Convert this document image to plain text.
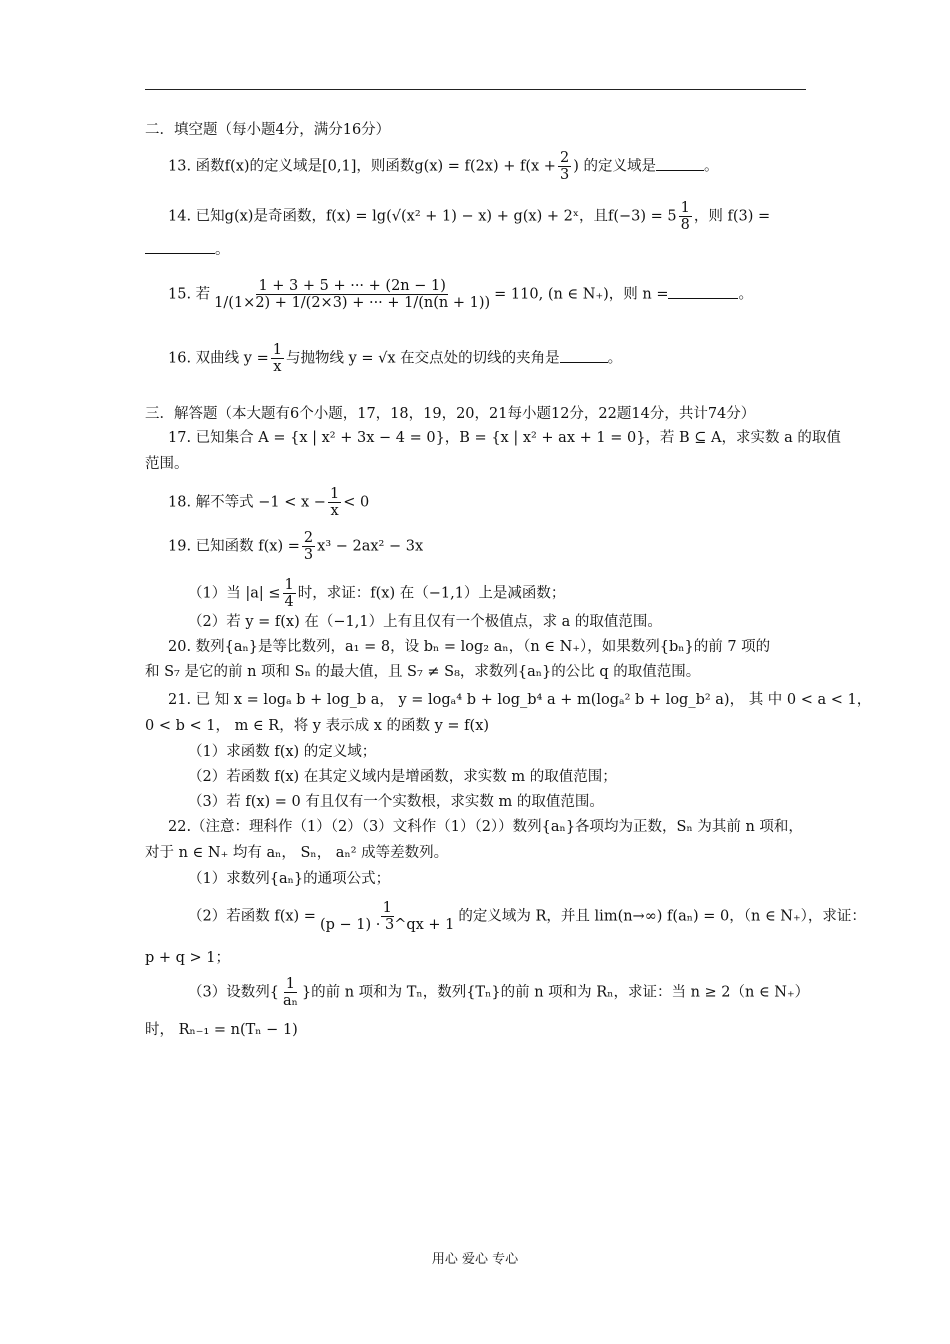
二．填空题（每小题4分，满分16分）
13. 函数f(x)的定义域是[0,1]，则函数$g(x) = f(2x) + f(x + \frac{2}{3}$ ) 的定义域是	。
14. 已知g(x)是奇函数，f(x) = lg(√(x² + 1) − x) + g(x) + 2ˣ，且$f(-3) = 5 \frac{1}{8}$ ，则 f(3) =
。
15. 若 $\frac{1 + 3 + 5 + \cdot\cdot\cdot + (2n - 1)}{1/(1\times 2) + 1/(2\times 3) + \cdot\cdot\cdot + 1/(n(n + 1))} = 110$, (n ∈ N₊)，则 n =	。
16. 双曲线 $y = \frac{1}{x}$ 与抛物线 y = √x 在交点处的切线的夹角是	。
三．解答题（本大题有6个小题，17，18，19，20，21每小题12分，22题14分，共计74分）
17. 已知集合 A = {x | x² + 3x − 4 = 0}，B = {x | x² + ax + 1 = 0}，若 B ⊆ A，求实数 a 的取值
范围。
18. 解不等式 $-1 < x - \frac{1}{x} < 0$
19. 已知函数 $f(x) = \frac{2}{3} x^3 - 2ax^2 - 3x$
（1）当 $|a| \le \frac{1}{4}$ 时，求证：f(x) 在（−1,1）上是减函数；
（2）若 y = f(x) 在（−1,1）上有且仅有一个极值点，求 a 的取值范围。
20. 数列{aₙ}是等比数列，a₁ = 8，设 bₙ = log₂ aₙ，（n ∈ N₊），如果数列{bₙ}的前 7 项的
和 S₇ 是它的前 n 项和 Sₙ 的最大值，且 S₇ ≠ S₈，求数列{aₙ}的公比 q 的取值范围。
21. 已 知 x = logₐ b + log_b a， y = logₐ⁴ b + log_b⁴ a + m(logₐ² b + log_b² a)， 其 中 0 < a < 1，
0 < b < 1， m ∈ R，将 y 表示成 x 的函数 y = f(x)
（1）求函数 f(x) 的定义域；
（2）若函数 f(x) 在其定义域内是增函数，求实数 m 的取值范围；
（3）若 f(x) = 0 有且仅有一个实数根，求实数 m 的取值范围。
22.（注意：理科作（1）（2）（3）文科作（1）（2））数列{aₙ}各项均为正数，Sₙ 为其前 n 项和，
对于 n ∈ N₊ 均有 aₙ， Sₙ， aₙ² 成等差数列。
（1）求数列{aₙ}的通项公式；
（2）若函数 $f(x) = \frac{1}{(p - 1) \cdot 3\^{}qx + 1}$ 的定义域为 R，并且 lim(n→∞) f(aₙ) = 0，（n ∈ N₊），求证：
p + q > 1；
（3）设数列{ $\frac{1}{\text{aₙ}}$ }的前 n 项和为 Tₙ，数列{Tₙ}的前 n 项和为 Rₙ，求证：当 n ≥ 2（n ∈ N₊）
时， Rₙ₋₁ = n(Tₙ − 1)
用心 爱心 专心
